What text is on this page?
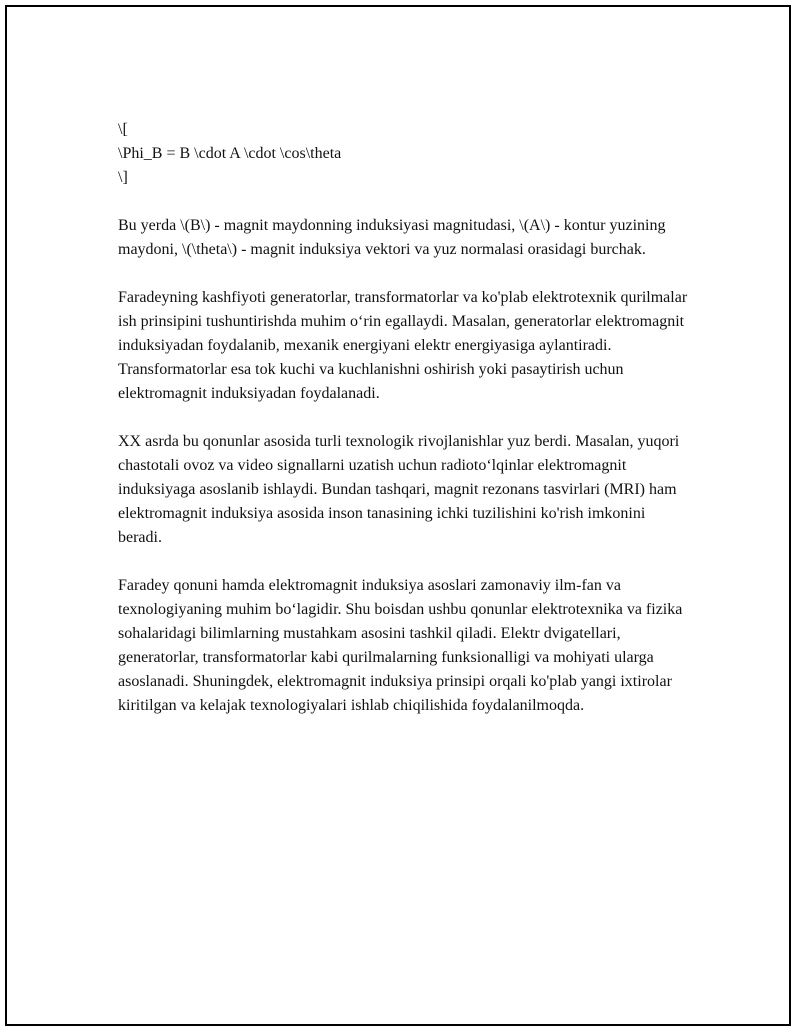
\[

\Phi_B = B \cdot A \cdot \cos\theta

\]

Bu yerda \(B\) - magnit maydonning induksiyasi magnitudasi, \(A\) - kontur yuzining maydoni, \(\theta\) - magnit induksiya vektori va yuz normalasi orasidagi burchak.

Faradeyning kashfiyoti generatorlar, transformatorlar va ko'plab elektrotexnik qurilmalar ish prinsipini tushuntirishda muhim o‘rin egallaydi. Masalan, generatorlar elektromagnit induksiyadan foydalanib, mexanik energiyani elektr energiyasiga aylantiradi. Transformatorlar esa tok kuchi va kuchlanishni oshirish yoki pasaytirish uchun elektromagnit induksiyadan foydalanadi.

XX asrda bu qonunlar asosida turli texnologik rivojlanishlar yuz berdi. Masalan, yuqori chastotali ovoz va video signallarni uzatish uchun radioto‘lqinlar elektromagnit induksiyaga asoslanib ishlaydi. Bundan tashqari, magnit rezonans tasvirlari (MRI) ham elektromagnit induksiya asosida inson tanasining ichki tuzilishini ko'rish imkonini beradi.

Faradey qonuni hamda elektromagnit induksiya asoslari zamonaviy ilm-fan va texnologiyaning muhim bo‘lagidir. Shu boisdan ushbu qonunlar elektrotexnika va fizika sohalaridagi bilimlarning mustahkam asosini tashkil qiladi. Elektr dvigatellari, generatorlar, transformatorlar kabi qurilmalarning funksionalligi va mohiyati ularga asoslanadi. Shuningdek, elektromagnit induksiya prinsipi orqali ko'plab yangi ixtirolar kiritilgan va kelajak texnologiyalari ishlab chiqilishida foydalanilmoqda.
